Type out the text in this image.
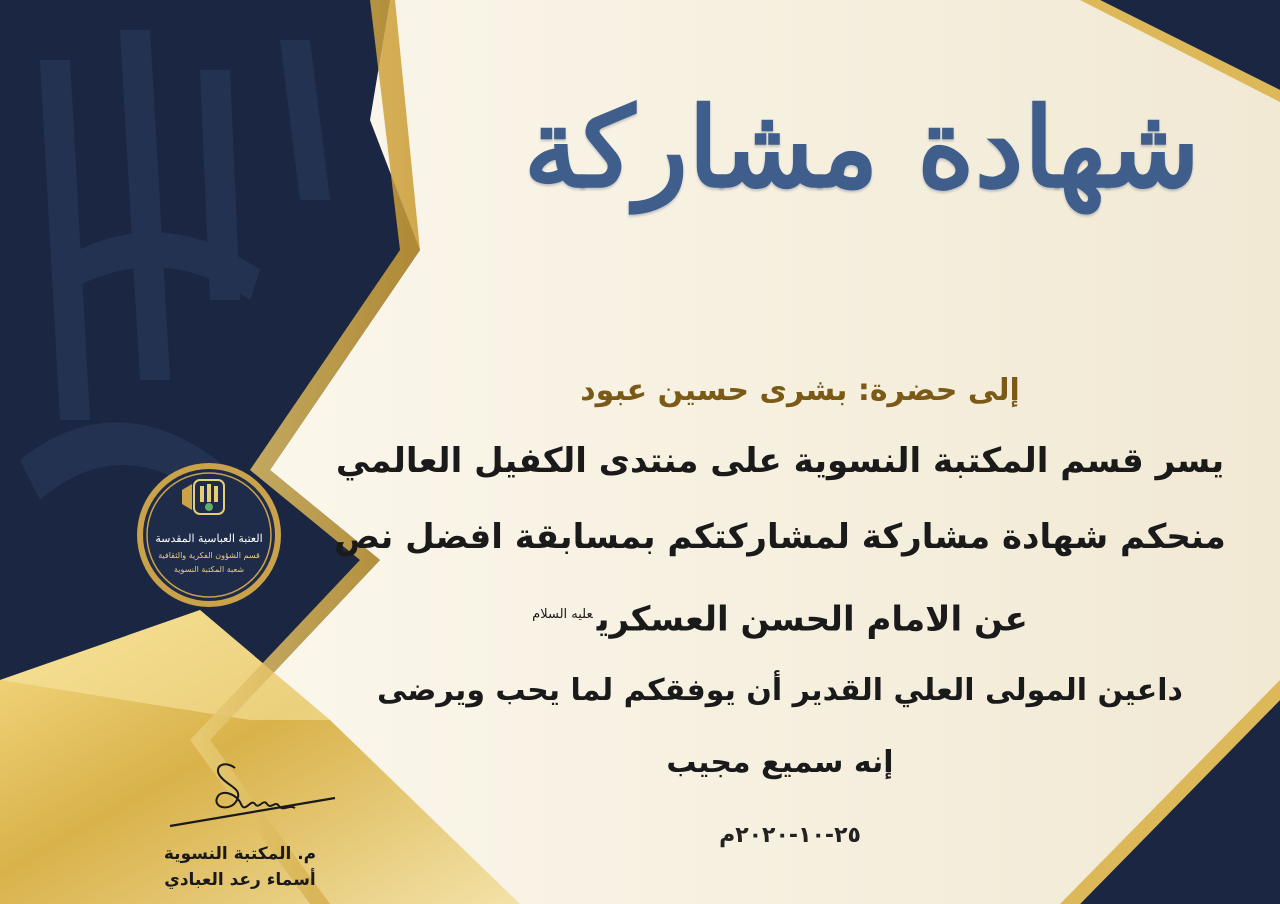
العتبة العباسية المقدسة
قسم الشؤون الفكرية والثقافية
شعبة المكتبة النسوية
شهادة مشاركة
إلى حضرة: بشرى حسين عبود
يسر قسم المكتبة النسوية على منتدى الكفيل العالمي
منحكم شهادة مشاركة لمشاركتكم بمسابقة افضل نص
عن الامام الحسن العسكري$^{عليه السلام}$
داعين المولى العلي القدير أن يوفقكم لما يحب ويرضى
إنه سميع مجيب
٢٥-١٠-٢٠٢٠م
م. المكتبة النسوية
أسماء رعد العبادي
